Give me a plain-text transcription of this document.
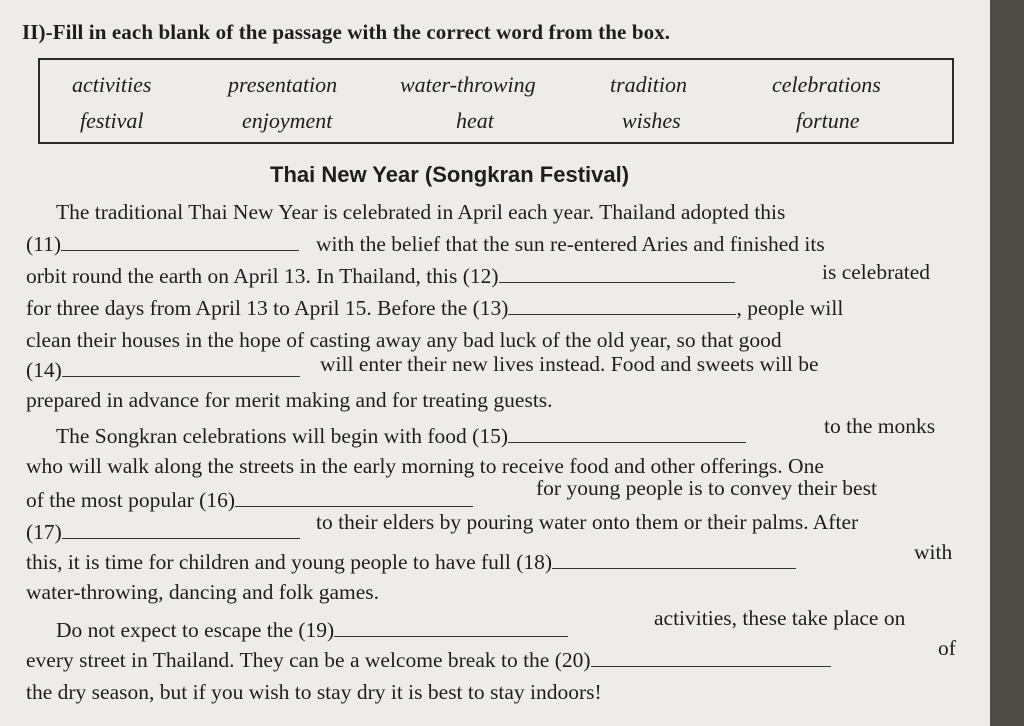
II)-Fill in each blank of the passage with the correct word from the box.
activities	presentation	water-throwing	tradition	celebrations
festival	enjoyment	heat	wishes	fortune
Thai New Year (Songkran Festival)
The traditional Thai New Year is celebrated in April each year. Thailand adopted this
(11)	with the belief that the sun re-entered Aries and finished its
orbit round the earth on April 13. In Thailand, this (12)	is celebrated
for three days from April 13 to April 15. Before the (13)	, people will
clean their houses in the hope of casting away any bad luck of the old year, so that good
(14)	will enter their new lives instead. Food and sweets will be
prepared in advance for merit making and for treating guests.
The Songkran celebrations will begin with food (15)	to the monks
who will walk along the streets in the early morning to receive food and other offerings. One
of the most popular (16)	for young people is to convey their best
(17)	to their elders by pouring water onto them or their palms. After
this, it is time for children and young people to have full (18)	with
water-throwing, dancing and folk games.
Do not expect to escape the (19)	activities, these take place on
every street in Thailand. They can be a welcome break to the (20)	of
the dry season, but if you wish to stay dry it is best to stay indoors!
